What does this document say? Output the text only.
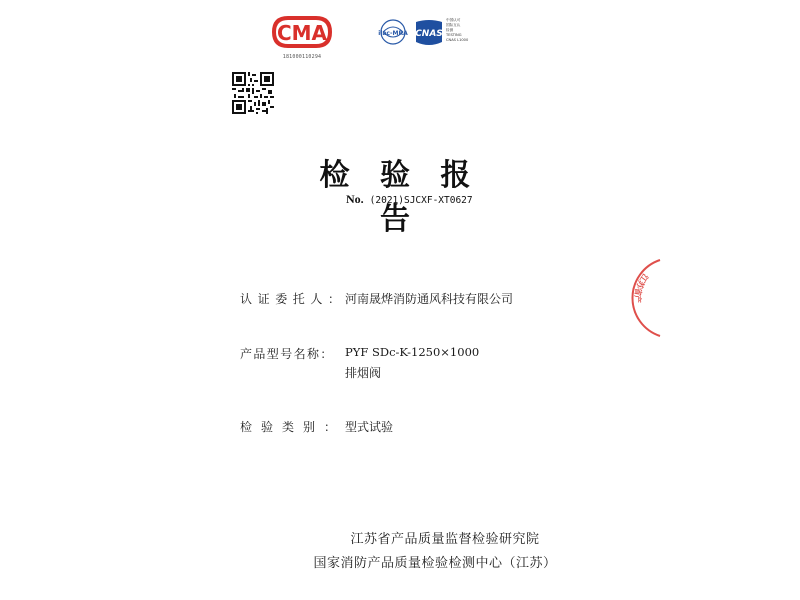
CMA
181000110294
ilac-MRA CNAS
中国认可
国际互认
检测
TESTING
CNAS L1000
检 验 报 告
No. (2021)SJCXF-XT0627
认证委托人： 河南晟烨消防通风科技有限公司
产品型号名称： PYF SDc-K-1250×1000
排烟阀
检验类别： 型式试验
江苏省产品质量监督检验研究院
国家消防产品质量检验检测中心（江苏）
江苏省产
